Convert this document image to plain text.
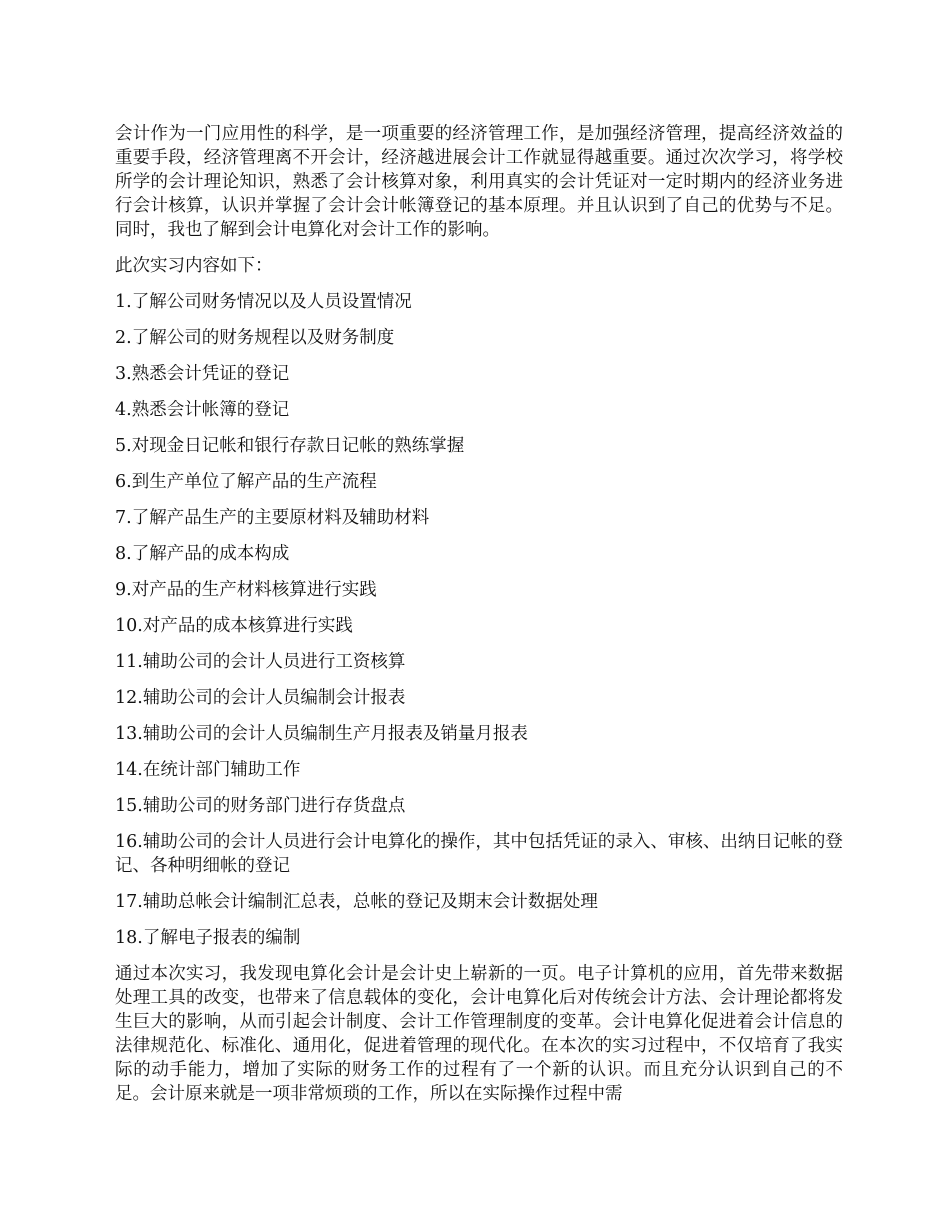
会计作为一门应用性的科学，是一项重要的经济管理工作，是加强经济管理，提高经济效益的重要手段，经济管理离不开会计，经济越进展会计工作就显得越重要。通过次次学习，将学校所学的会计理论知识，熟悉了会计核算对象，利用真实的会计凭证对一定时期内的经济业务进行会计核算，认识并掌握了会计会计帐簿登记的基本原理。并且认识到了自己的优势与不足。同时，我也了解到会计电算化对会计工作的影响。

此次实习内容如下：

1.了解公司财务情况以及人员设置情况

2.了解公司的财务规程以及财务制度

3.熟悉会计凭证的登记

4.熟悉会计帐簿的登记

5.对现金日记帐和银行存款日记帐的熟练掌握

6.到生产单位了解产品的生产流程

7.了解产品生产的主要原材料及辅助材料

8.了解产品的成本构成

9.对产品的生产材料核算进行实践

10.对产品的成本核算进行实践

11.辅助公司的会计人员进行工资核算

12.辅助公司的会计人员编制会计报表

13.辅助公司的会计人员编制生产月报表及销量月报表

14.在统计部门辅助工作

15.辅助公司的财务部门进行存货盘点

16.辅助公司的会计人员进行会计电算化的操作，其中包括凭证的录入、审核、出纳日记帐的登记、各种明细帐的登记

17.辅助总帐会计编制汇总表，总帐的登记及期末会计数据处理

18.了解电子报表的编制

通过本次实习，我发现电算化会计是会计史上崭新的一页。电子计算机的应用，首先带来数据处理工具的改变，也带来了信息载体的变化，会计电算化后对传统会计方法、会计理论都将发生巨大的影响，从而引起会计制度、会计工作管理制度的变革。会计电算化促进着会计信息的法律规范化、标准化、通用化，促进着管理的现代化。在本次的实习过程中，不仅培育了我实际的动手能力，增加了实际的财务工作的过程有了一个新的认识。而且充分认识到自己的不足。会计原来就是一项非常烦琐的工作，所以在实际操作过程中需
